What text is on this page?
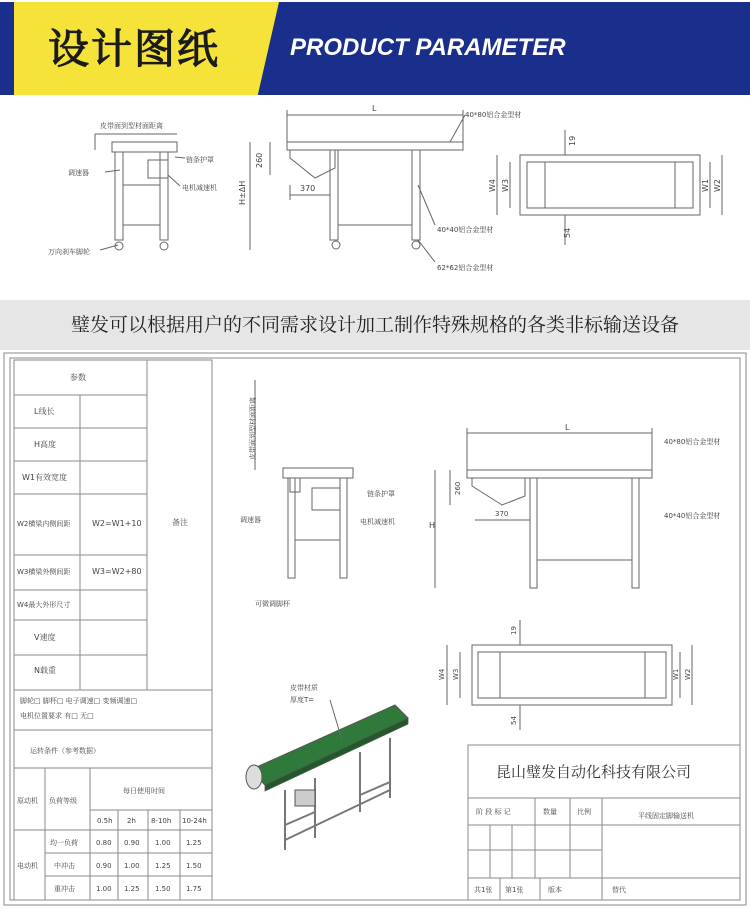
设计图纸	PRODUCT PARAMETER
皮带面到型材面距离
调速器
链条护罩
电机减速机
万向刹车脚轮
L
260
370
H±ΔH
40*80铝合金型材
40*40铝合金型材
62*62铝合金型材
19
54
W4 W3	W1 W2
璧发可以根据用户的不同需求设计加工制作特殊规格的各类非标输送设备
参数
备注
L线长
H高度
W1有效宽度
W2横梁内侧间距	W2=W1+10
W3横梁外侧间距	W3=W2+80
W4最大外形尺寸
V速度
N载重
脚轮□ 脚杯□ 电子调速□ 变频调速□
电机位置要求 有□ 无□
运转条件（参考数据）
原动机 负荷等级
每日使用时间
0.5h 2h 8-10h 10-24h
电动机
均一负荷	0.80 0.90 1.00 1.25
中冲击	0.90 1.00 1.25 1.50
重冲击	1.00 1.25 1.50 1.75
皮带面到型材面距离
链条护罩
调速器	电机减速机
可微调脚杯
L
260
370
H
40*80铝合金型材
40*40铝合金型材
19
54
W4 W3	W1 W2
皮带材质
厚度T=
昆山璧发自动化科技有限公司
阶 段 标 记	数量	比例	平线固定脚输送机
共1张 第1张	版本	替代
